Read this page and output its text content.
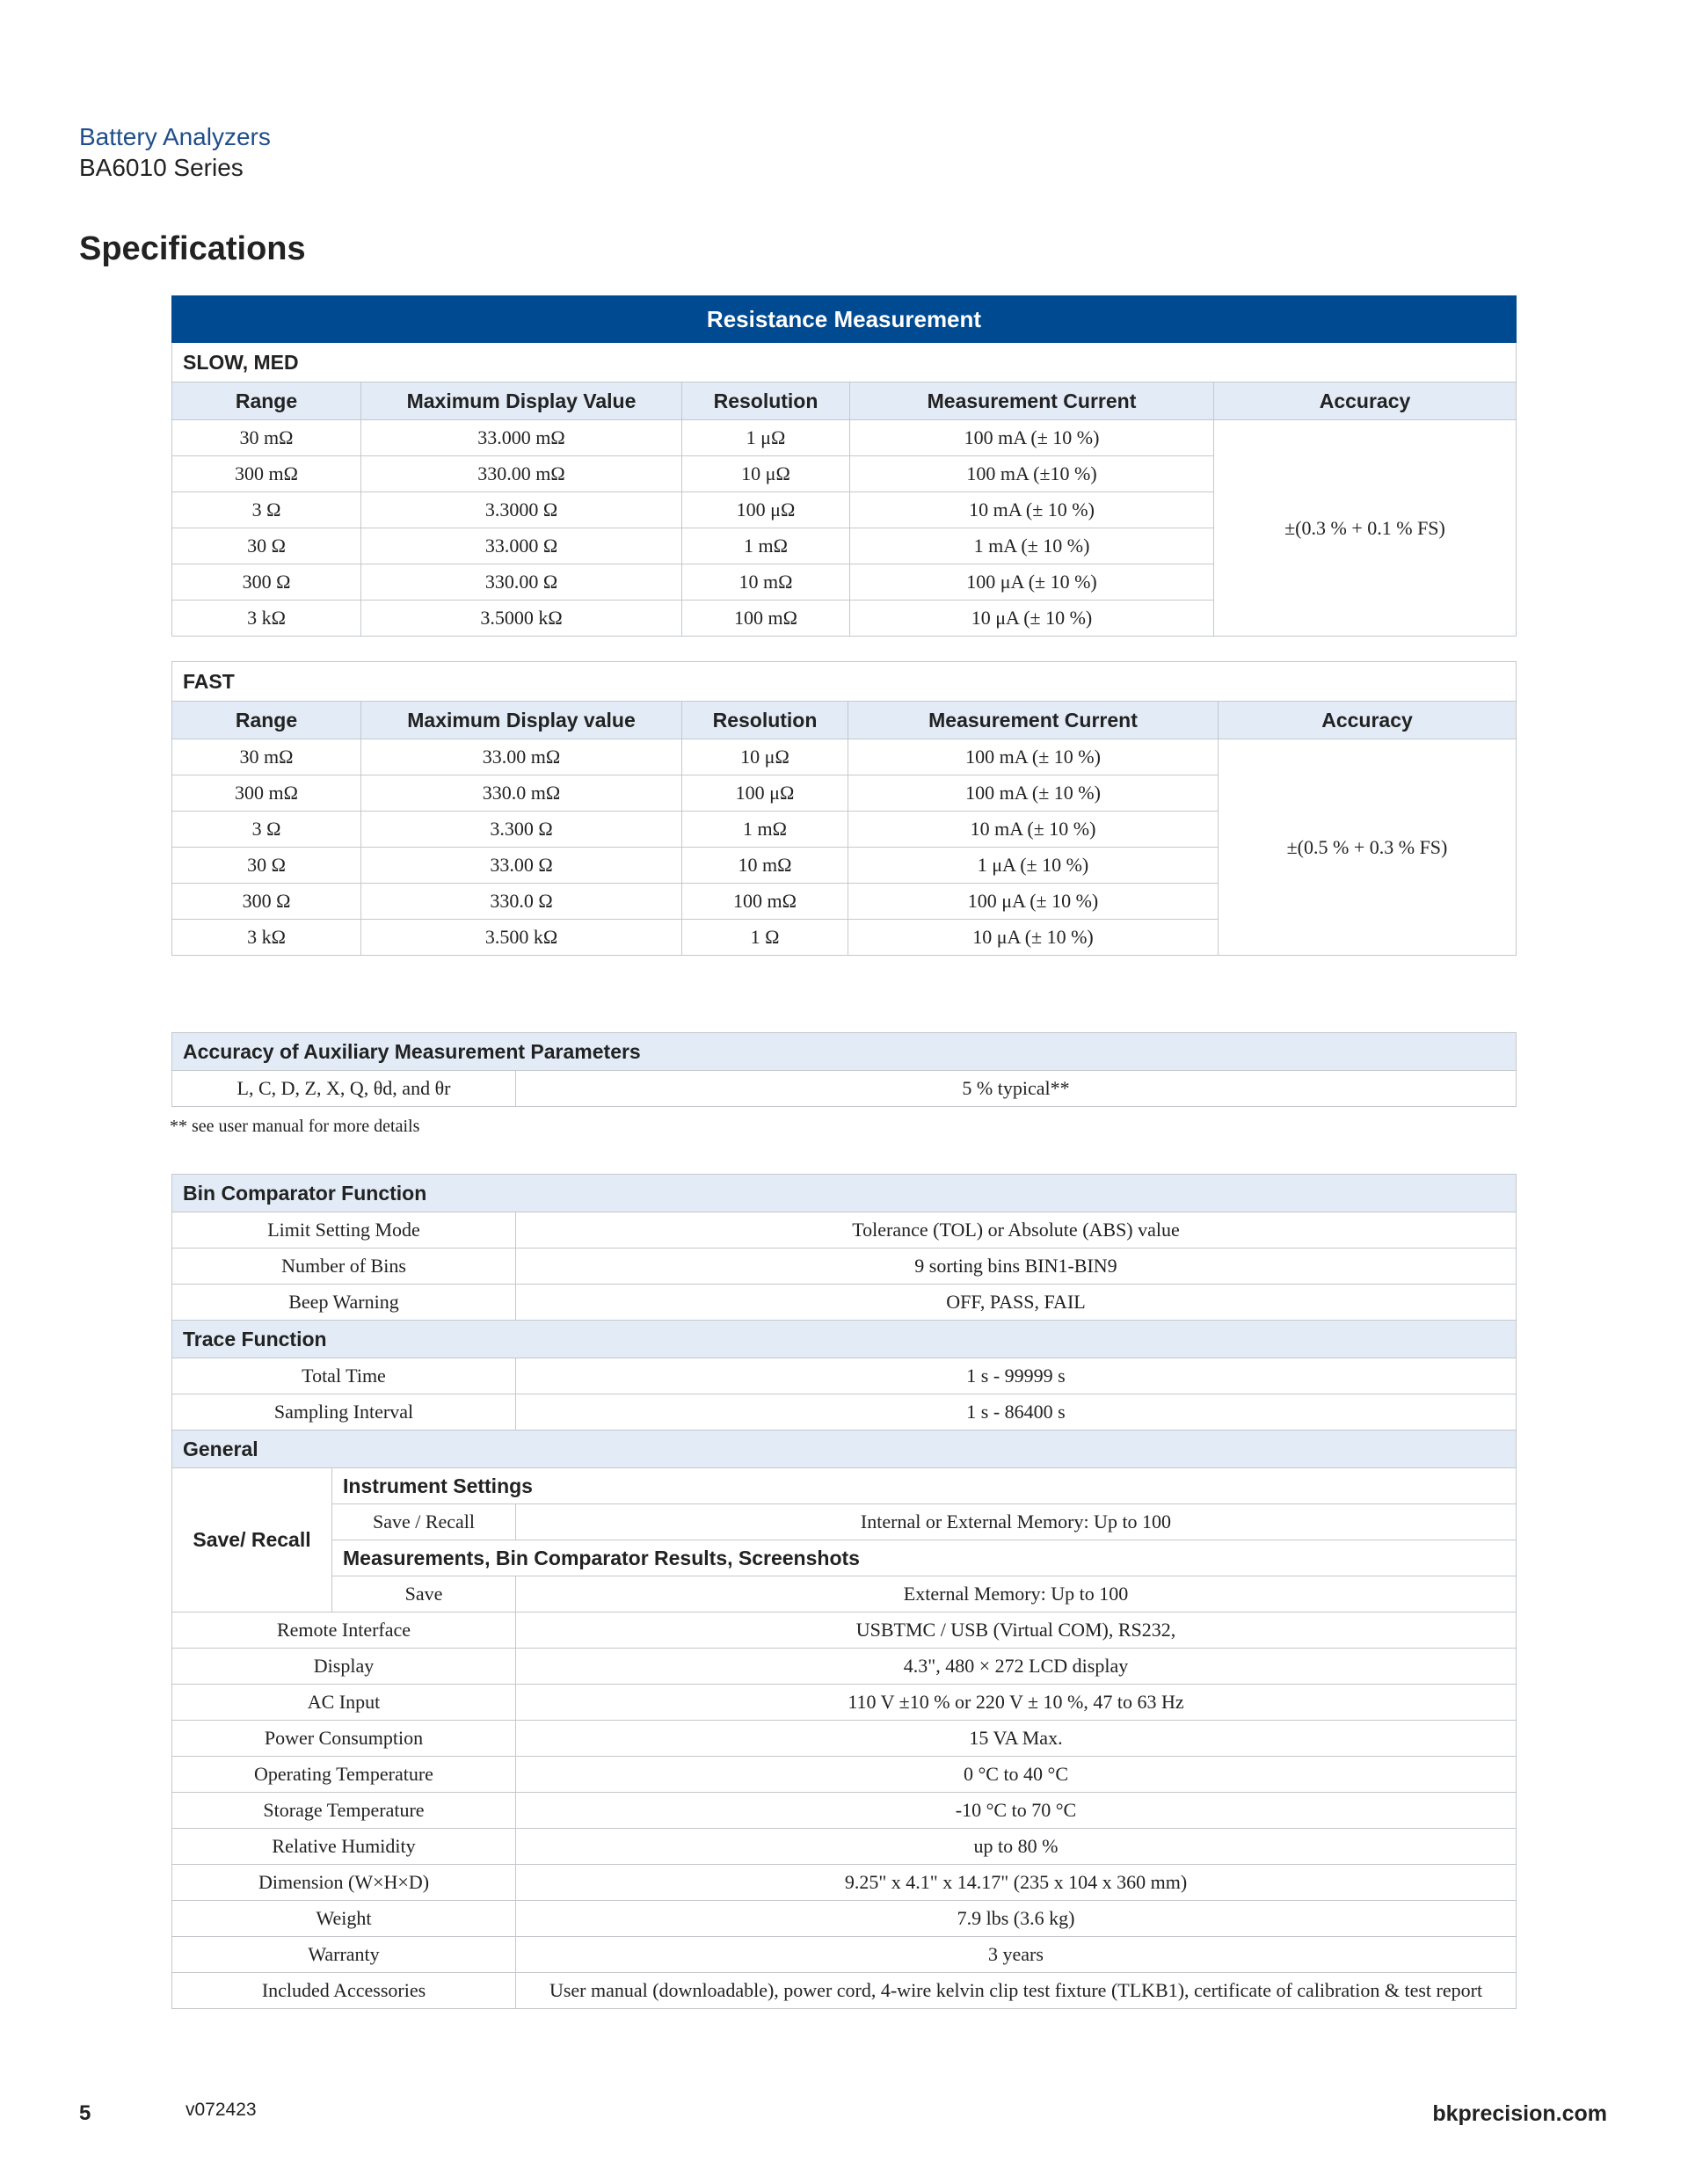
Battery Analyzers
BA6010 Series
Specifications
Resistance Measurement				
SLOW, MED				
Range	Maximum Display Value	Resolution	Measurement Current	Accuracy
30 mΩ	33.000 mΩ	1 μΩ	100 mA (± 10 %)	±(0.3 % + 0.1 % FS)
300 mΩ	330.00 mΩ	10 μΩ	100 mA (±10 %)	
3 Ω	3.3000 Ω	100 μΩ	10 mA (± 10 %)	
30 Ω	33.000 Ω	1 mΩ	1 mA (± 10 %)	
300 Ω	330.00 Ω	10 mΩ	100 μA (± 10 %)	
3 kΩ	3.5000 kΩ	100 mΩ	10 μA (± 10 %)	
FAST				
Range	Maximum Display value	Resolution	Measurement Current	Accuracy
30 mΩ	33.00 mΩ	10 μΩ	100 mA (± 10 %)	±(0.5 % + 0.3 % FS)
300 mΩ	330.0 mΩ	100 μΩ	100 mA (± 10 %)	
3 Ω	3.300 Ω	1 mΩ	10 mA (± 10 %)	
30 Ω	33.00 Ω	10 mΩ	1 μA (± 10 %)	
300 Ω	330.0 Ω	100 mΩ	100 μA (± 10 %)	
3 kΩ	3.500 kΩ	1 Ω	10 μA (± 10 %)	
Accuracy of Auxiliary Measurement Parameters
L, C, D, Z, X, Q, θd, and θr	5 % typical**
** see user manual for more details
Bin Comparator Function		
Limit Setting Mode		Tolerance (TOL) or Absolute (ABS) value
Number of Bins		9 sorting bins BIN1-BIN9
Beep Warning		OFF, PASS, FAIL
Trace Function		
Total Time		1 s - 99999 s
Sampling Interval		1 s - 86400 s
General		
Save/ Recall	Instrument Settings	
	Save / Recall	Internal or External Memory: Up to 100
	Measurements, Bin Comparator Results, Screenshots	
	Save	External Memory: Up to 100
Remote Interface		USBTMC / USB (Virtual COM), RS232,
Display		4.3", 480 × 272 LCD display
AC Input		110 V ±10 % or 220 V ± 10 %, 47 to 63 Hz
Power Consumption		15 VA Max.
Operating Temperature		0 °C to 40 °C
Storage Temperature		-10 °C to 70 °C
Relative Humidity		up to 80 %
Dimension (W×H×D)		9.25" x 4.1" x 14.17" (235 x 104 x 360 mm)
Weight		7.9 lbs (3.6 kg)
Warranty		3 years
Included Accessories		User manual (downloadable), power cord, 4-wire kelvin clip test fixture (TLKB1), certificate of calibration & test report
5	v072423	bkprecision.com
